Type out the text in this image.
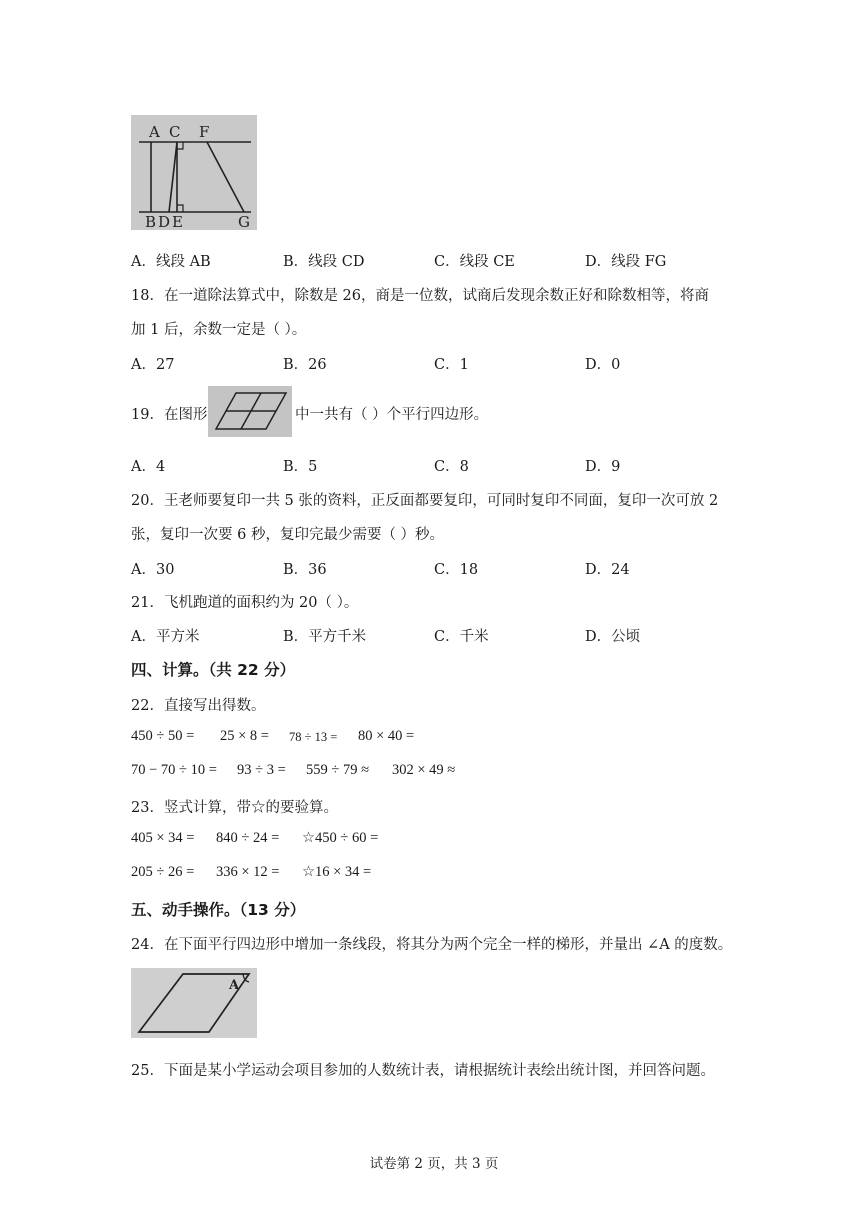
A C F
B D E	G
A．线段 AB	B．线段 CD	C．线段 CE	D．线段 FG
18．在一道除法算式中，除数是 26，商是一位数，试商后发现余数正好和除数相等，将商
加 1 后，余数一定是（ ）。
A．27	B．26	C．1	D．0
19．在图形	中一共有（ ）个平行四边形。
A．4	B．5	C．8	D．9
20．王老师要复印一共 5 张的资料，正反面都要复印，可同时复印不同面，复印一次可放 2
张，复印一次要 6 秒，复印完最少需要（ ）秒。
A．30	B．36	C．18	D．24
21．飞机跑道的面积约为 20（ ）。
A．平方米	B．平方千米	C．千米	D．公顷
四、计算。（共 22 分）
22．直接写出得数。
450 ÷ 50 = 25 × 8 = 78 ÷ 13 = 80 × 40 =
70 − 70 ÷ 10 = 93 ÷ 3 = 559 ÷ 79 ≈ 302 × 49 ≈
23．竖式计算，带☆的要验算。
405 × 34 = 840 ÷ 24 = ☆450 ÷ 60 =
205 ÷ 26 = 336 × 12 = ☆16 × 34 =
五、动手操作。（13 分）
24．在下面平行四边形中增加一条线段，将其分为两个完全一样的梯形，并量出 ∠A 的度数。
A
25．下面是某小学运动会项目参加的人数统计表，请根据统计表绘出统计图，并回答问题。
试卷第 2 页，共 3 页
